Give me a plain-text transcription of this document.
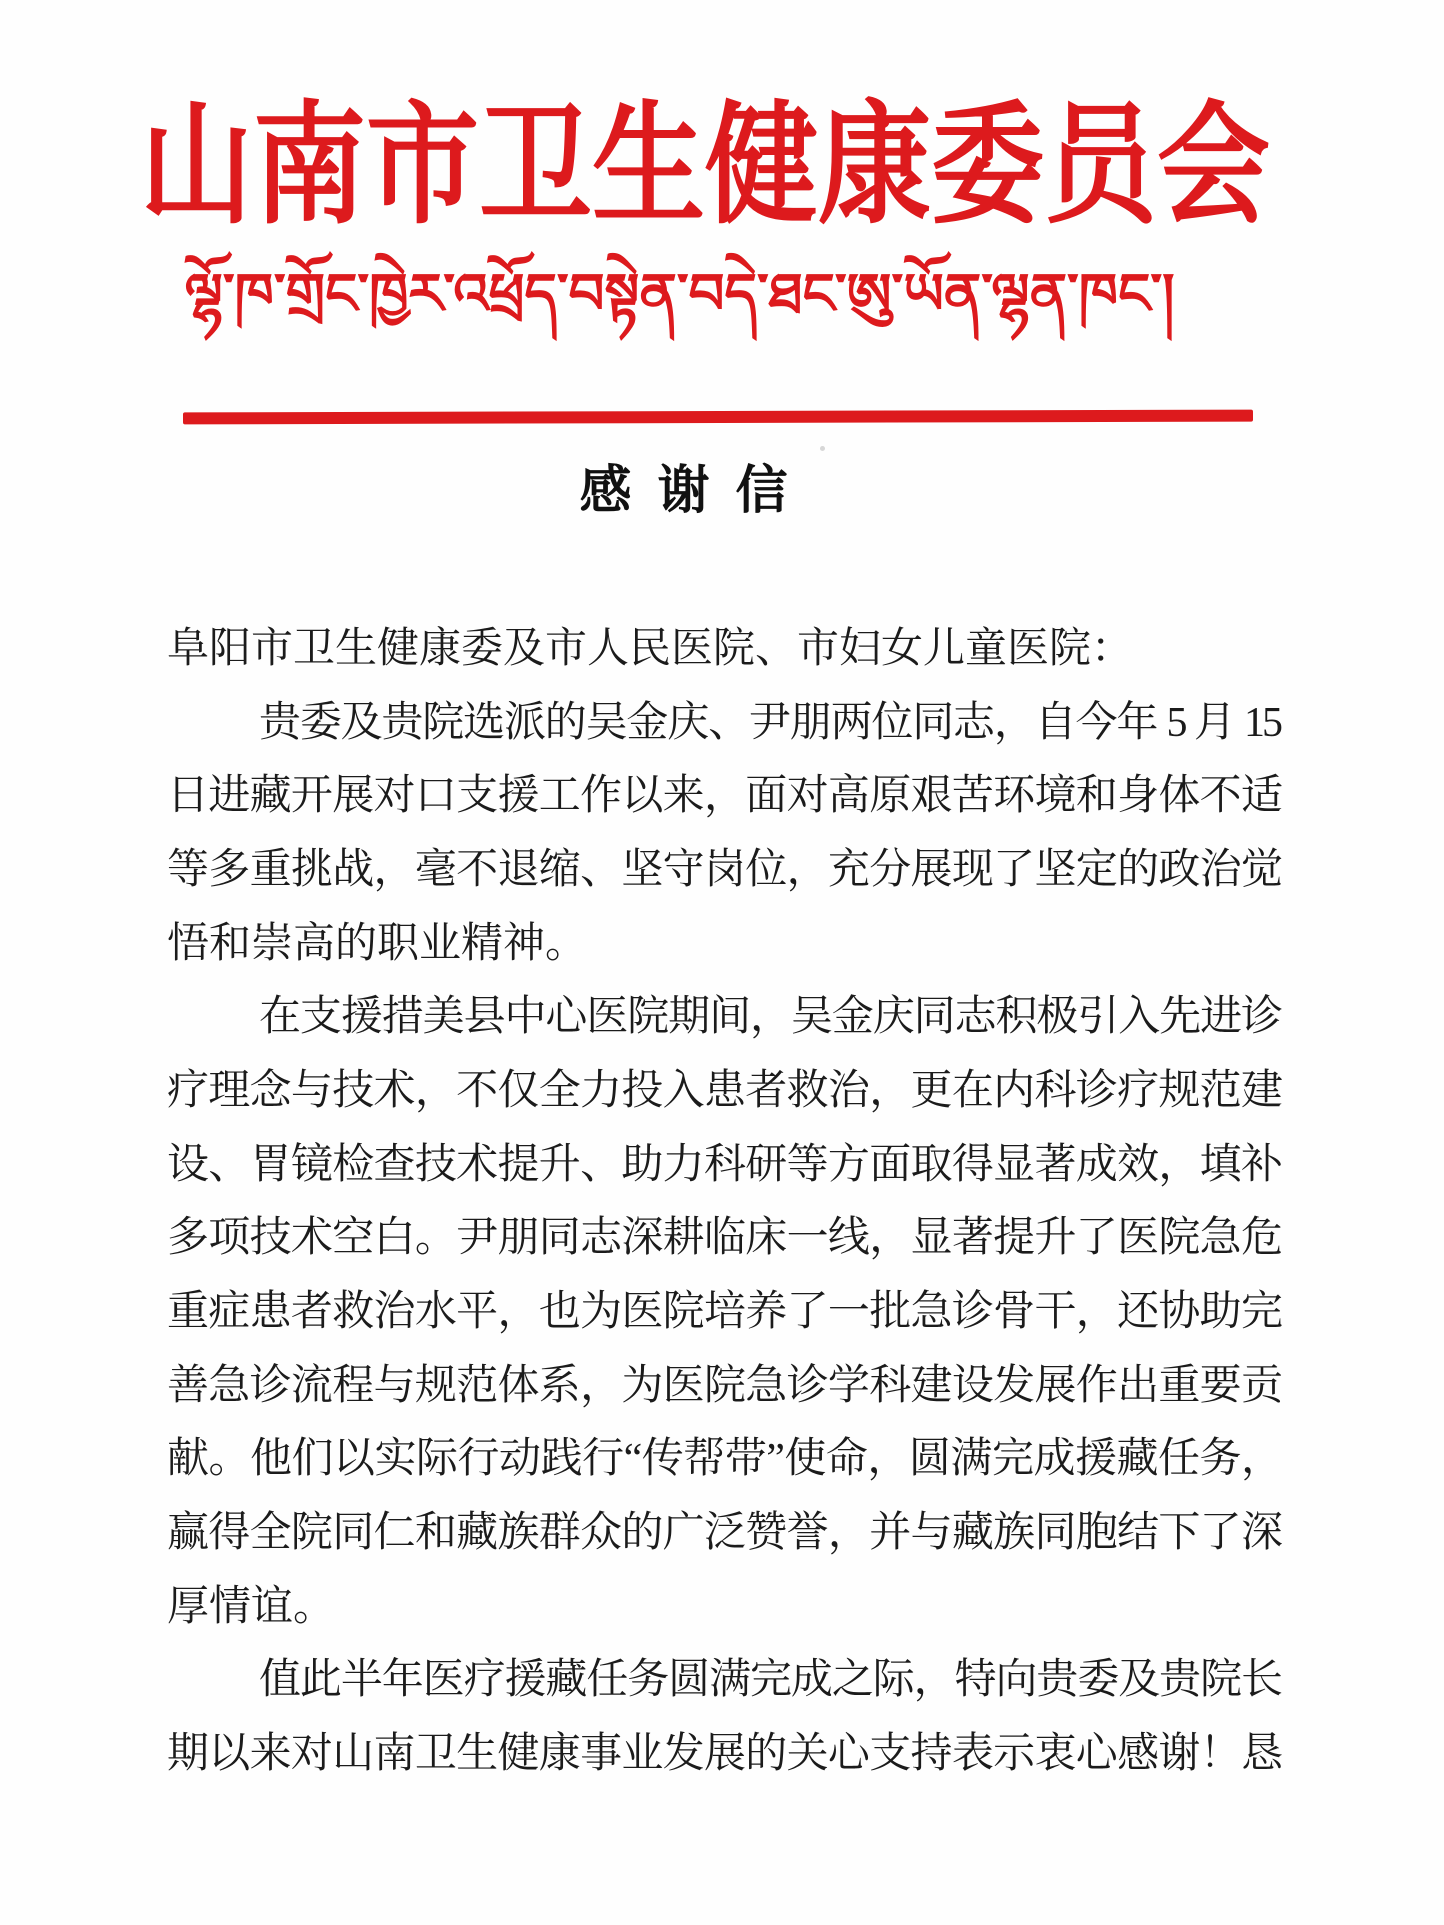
山南市卫生健康委员会
ལྷོ་ཁ་གྲོང་ཁྱེར་འཕྲོད་བསྟེན་བདེ་ཐང་ཨུ་ཡོན་ལྷན་ཁང་།
感谢信
阜阳市卫生健康委及市人民医院、市妇女儿童医院：
贵委及贵院选派的吴金庆、尹朋两位同志，自今年 5 月 15
日进藏开展对口支援工作以来，面对高原艰苦环境和身体不适
等多重挑战，毫不退缩、坚守岗位，充分展现了坚定的政治觉
悟和崇高的职业精神。
在支援措美县中心医院期间，吴金庆同志积极引入先进诊
疗理念与技术，不仅全力投入患者救治，更在内科诊疗规范建
设、胃镜检查技术提升、助力科研等方面取得显著成效，填补
多项技术空白。尹朋同志深耕临床一线，显著提升了医院急危
重症患者救治水平，也为医院培养了一批急诊骨干，还协助完
善急诊流程与规范体系，为医院急诊学科建设发展作出重要贡
献。他们以实际行动践行“传帮带”使命，圆满完成援藏任务，
赢得全院同仁和藏族群众的广泛赞誉，并与藏族同胞结下了深
厚情谊。
值此半年医疗援藏任务圆满完成之际，特向贵委及贵院长
期以来对山南卫生健康事业发展的关心支持表示衷心感谢！恳
